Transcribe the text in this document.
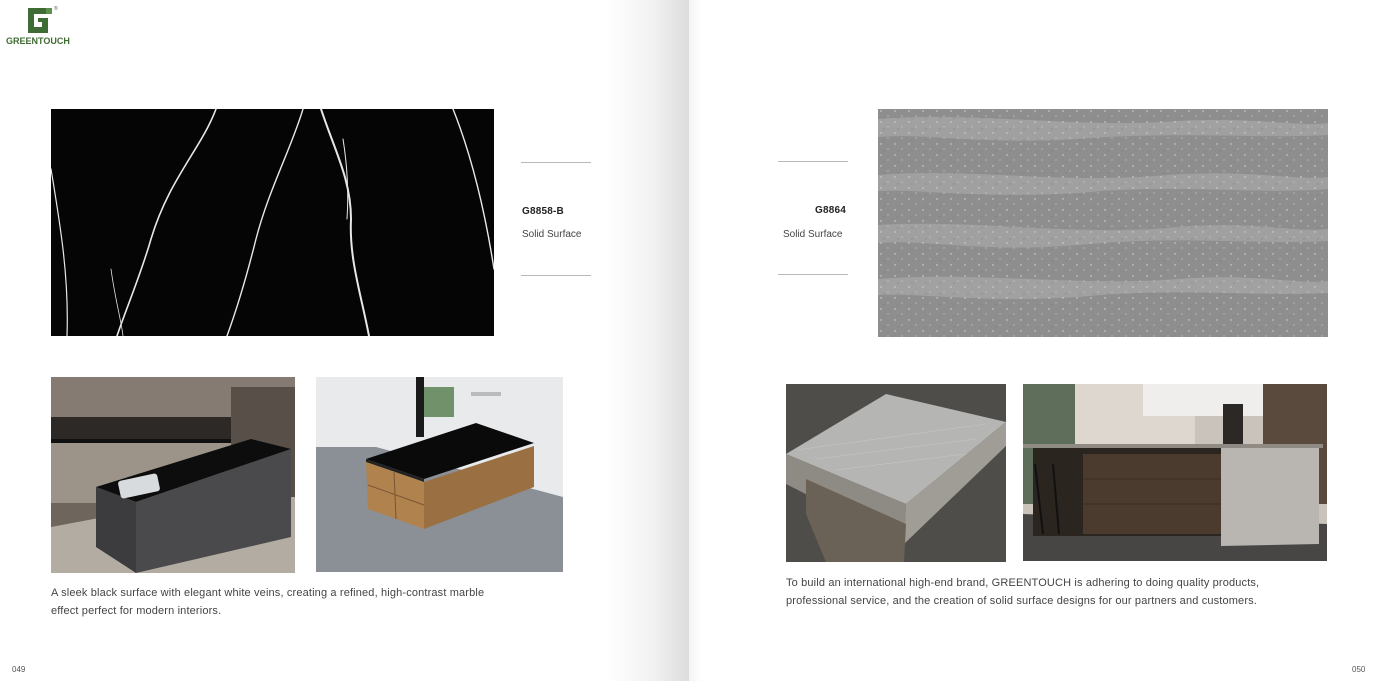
®
GREENTOUCH
G8858-B
Solid Surface
A sleek black surface with elegant white veins, creating a refined, high-contrast marble
effect perfect for modern interiors.
049
G8864
Solid Surface
To build an international high-end brand, GREENTOUCH is adhering to doing quality products,
professional service, and the creation of solid surface designs for our partners and customers.
050
